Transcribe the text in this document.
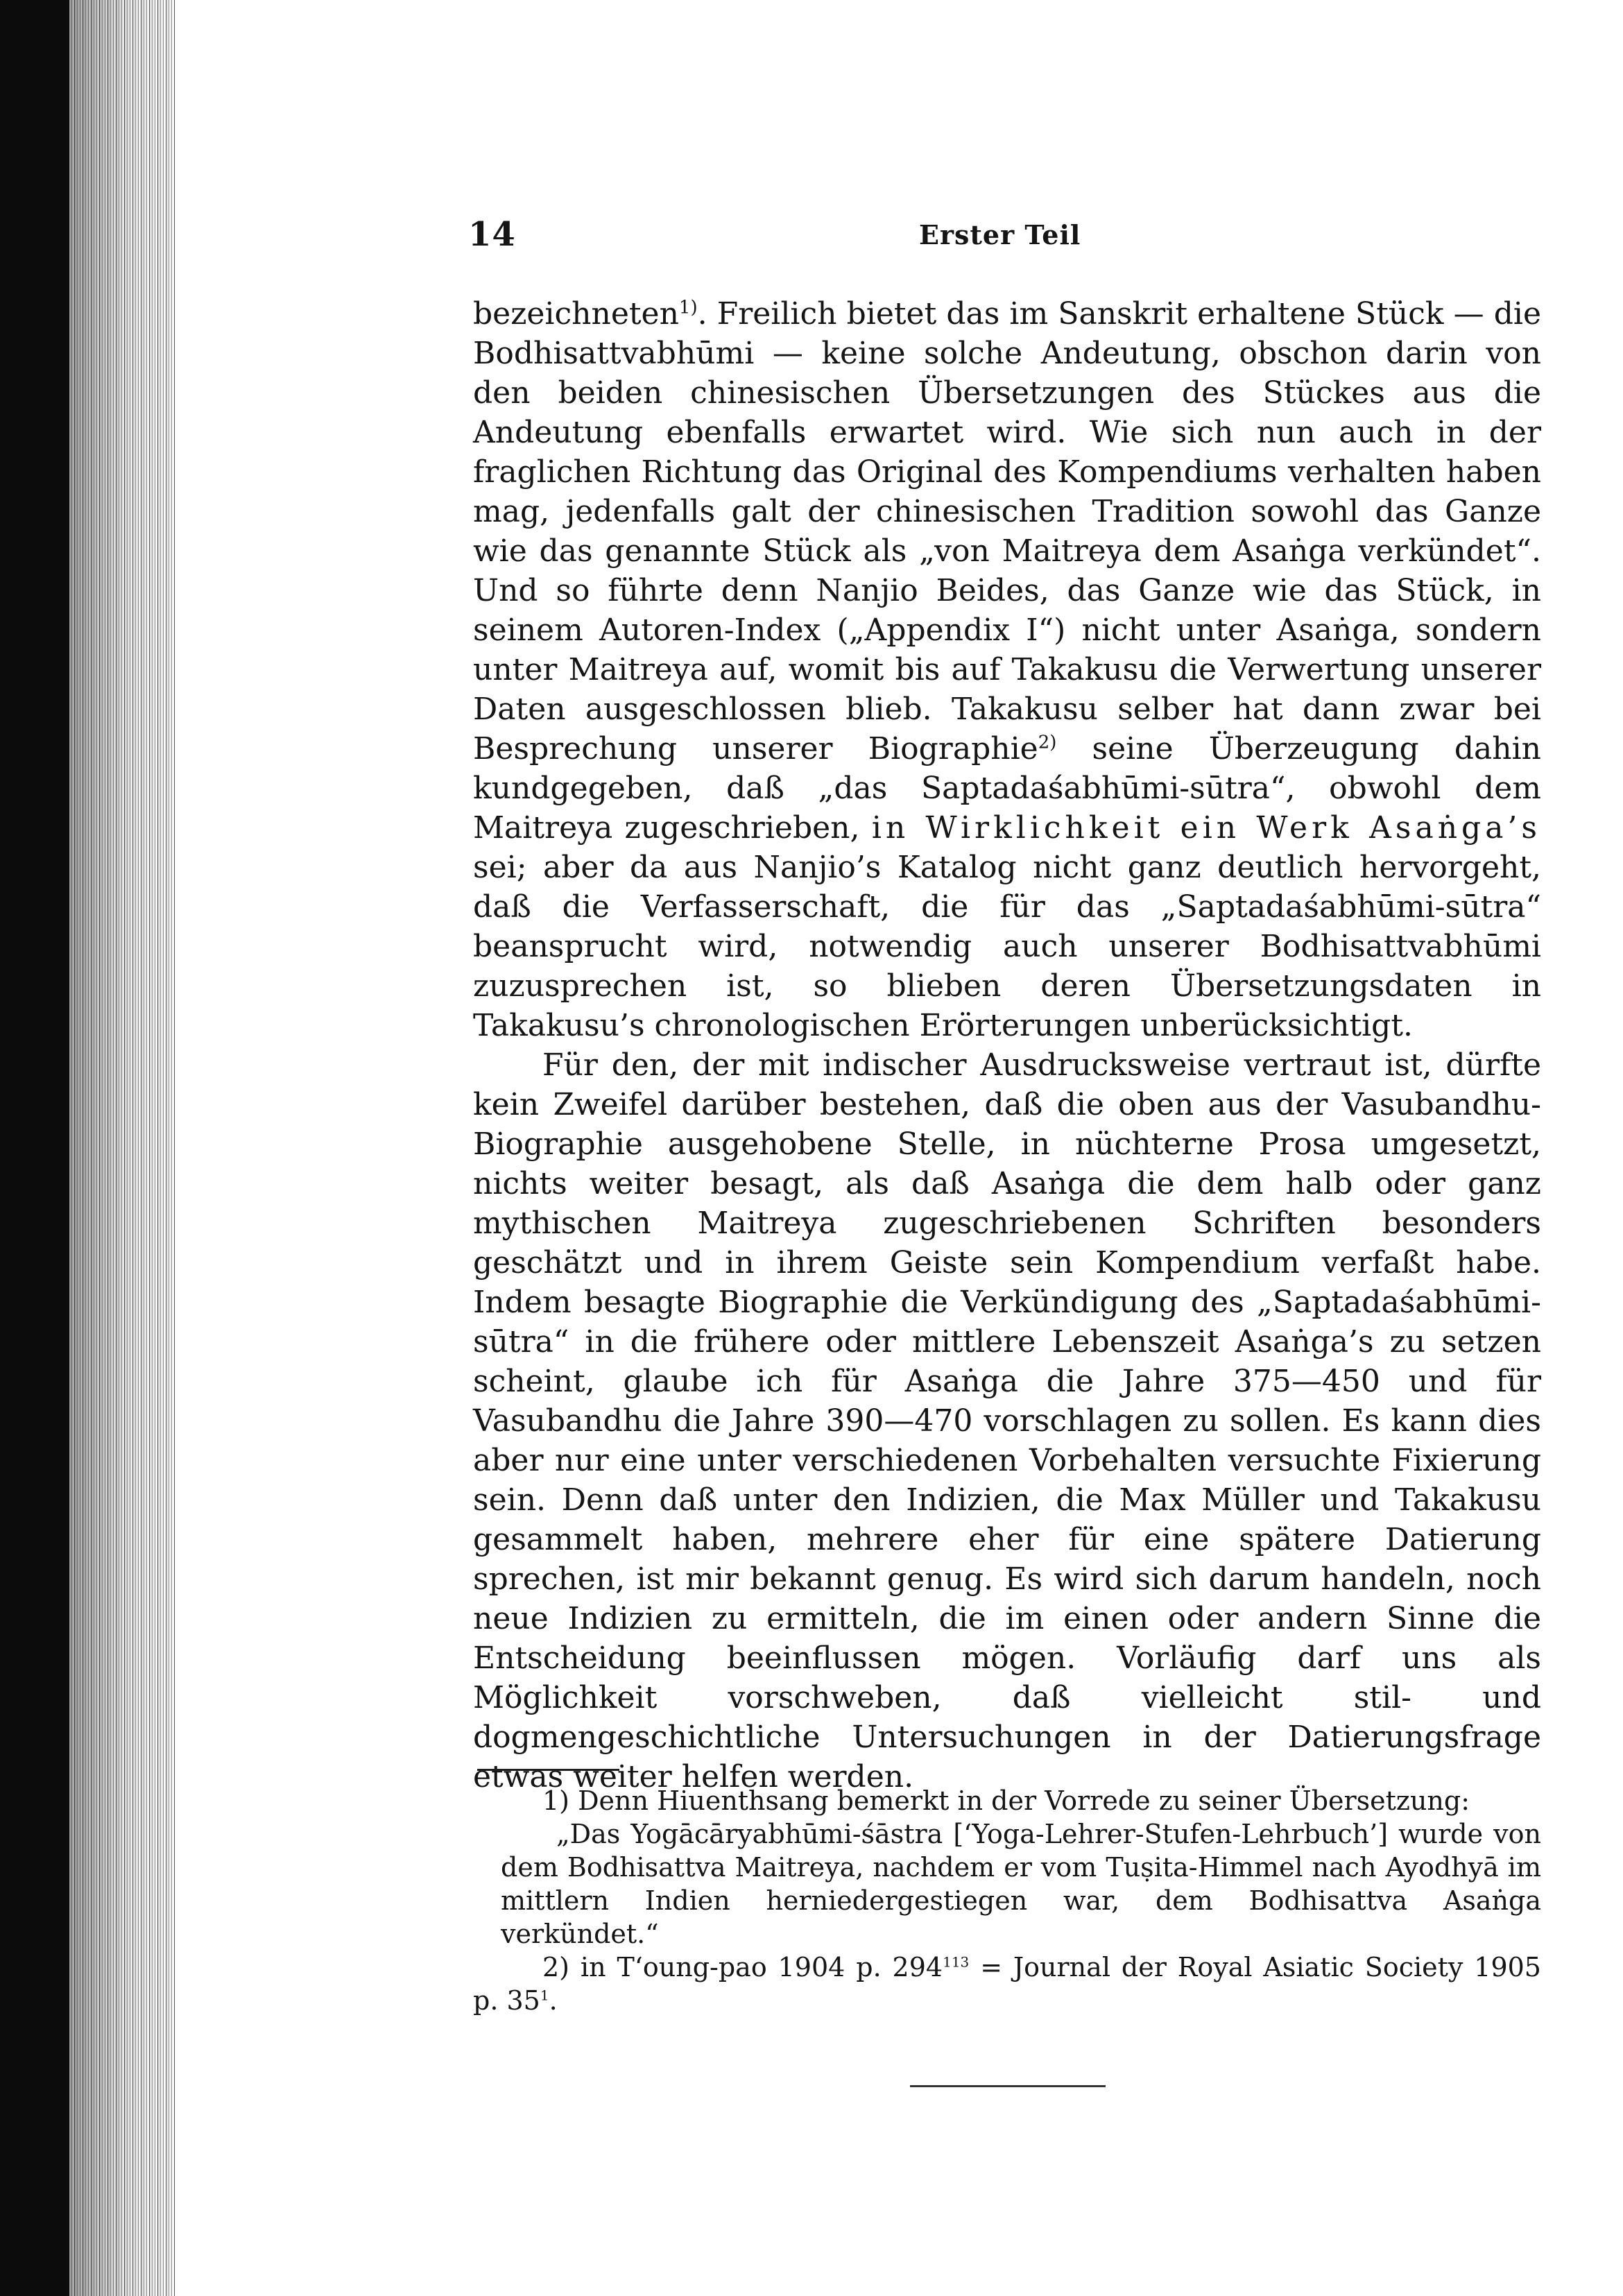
14	Erster Teil

bezeichneten$^{1)}$. Freilich bietet das im Sanskrit erhaltene Stück — die Bodhisattvabhūmi — keine solche Andeutung, obschon darin von den beiden chinesischen Übersetzungen des Stückes aus die Andeutung ebenfalls erwartet wird. Wie sich nun auch in der fraglichen Richtung das Original des Kompendiums verhalten haben mag, jedenfalls galt der chinesischen Tradition sowohl das Ganze wie das genannte Stück als „von Maitreya dem Asaṅga verkündet“. Und so führte denn Nanjio Beides, das Ganze wie das Stück, in seinem Autoren-Index („Appendix I“) nicht unter Asaṅga, sondern unter Maitreya auf, womit bis auf Takakusu die Verwertung unserer Daten ausgeschlossen blieb. Takakusu selber hat dann zwar bei Besprechung unserer Biographie$^{2)}$ seine Überzeugung dahin kundgegeben, daß „das Saptadaśabhūmi-sūtra“, obwohl dem Maitreya zugeschrieben, in Wirklichkeit ein Werk Asaṅga’s sei; aber da aus Nanjio’s Katalog nicht ganz deutlich hervorgeht, daß die Verfasserschaft, die für das „Saptadaśabhūmi-sūtra“ beansprucht wird, notwendig auch unserer Bodhisattvabhūmi zuzusprechen ist, so blieben deren Übersetzungsdaten in Takakusu’s chronologischen Erörterungen unberücksichtigt.

Für den, der mit indischer Ausdrucksweise vertraut ist, dürfte kein Zweifel darüber bestehen, daß die oben aus der Vasubandhu-Biographie ausgehobene Stelle, in nüchterne Prosa umgesetzt, nichts weiter besagt, als daß Asaṅga die dem halb oder ganz mythischen Maitreya zugeschriebenen Schriften besonders geschätzt und in ihrem Geiste sein Kompendium verfaßt habe. Indem besagte Biographie die Verkündigung des „Saptadaśabhūmi-sūtra“ in die frühere oder mittlere Lebenszeit Asaṅga’s zu setzen scheint, glaube ich für Asaṅga die Jahre 375—450 und für Vasubandhu die Jahre 390—470 vorschlagen zu sollen. Es kann dies aber nur eine unter verschiedenen Vorbehalten versuchte Fixierung sein. Denn daß unter den Indizien, die Max Müller und Takakusu gesammelt haben, mehrere eher für eine spätere Datierung sprechen, ist mir bekannt genug. Es wird sich darum handeln, noch neue Indizien zu ermitteln, die im einen oder andern Sinne die Entscheidung beeinflussen mögen. Vorläufig darf uns als Möglichkeit vorschweben, daß vielleicht stil- und dogmengeschichtliche Untersuchungen in der Datierungsfrage etwas weiter helfen werden.

1) Denn Hiuenthsang bemerkt in der Vorrede zu seiner Übersetzung:

„Das Yogācāryabhūmi-śāstra [‘Yoga-Lehrer-Stufen-Lehrbuch’] wurde von dem Bodhisattva Maitreya, nachdem er vom Tuṣita-Himmel nach Ayodhyā im mittlern Indien herniedergestiegen war, dem Bodhisattva Asaṅga verkündet.“

2) in T‘oung-pao 1904 p. $294^{113}$ = Journal der Royal Asiatic Society 1905 p. $35^1$.
